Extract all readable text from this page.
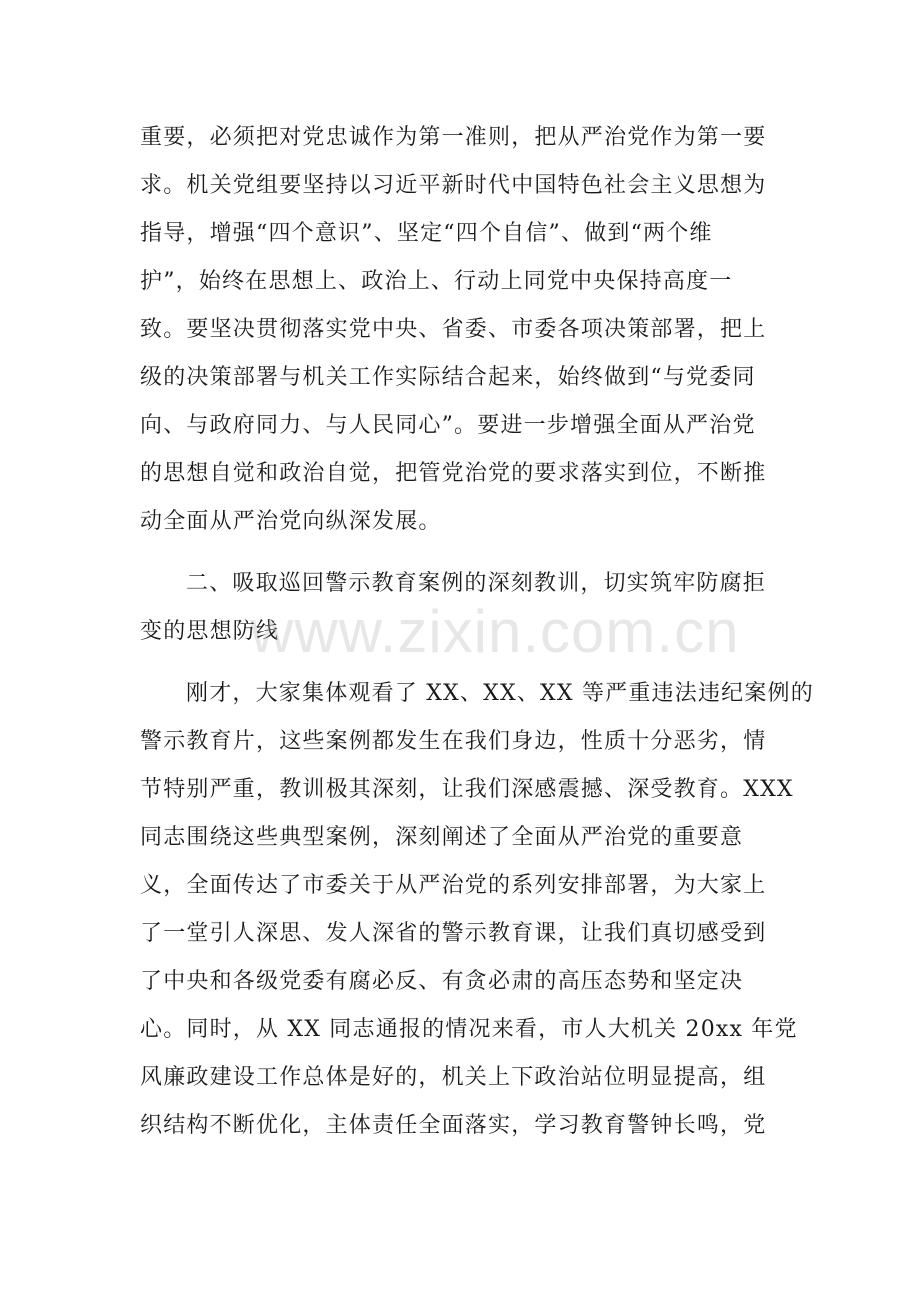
重要，必须把对党忠诚作为第一准则，把从严治党作为第一要
求。机关党组要坚持以习近平新时代中国特色社会主义思想为
指导，增强“四个意识”、坚定“四个自信”、做到“两个维
护”，始终在思想上、政治上、行动上同党中央保持高度一
致。要坚决贯彻落实党中央、省委、市委各项决策部署，把上
级的决策部署与机关工作实际结合起来，始终做到“与党委同
向、与政府同力、与人民同心”。要进一步增强全面从严治党
的思想自觉和政治自觉，把管党治党的要求落实到位，不断推
动全面从严治党向纵深发展。
二、吸取巡回警示教育案例的深刻教训，切实筑牢防腐拒
变的思想防线
刚才，大家集体观看了 XX、XX、XX 等严重违法违纪案例的
警示教育片，这些案例都发生在我们身边，性质十分恶劣，情
节特别严重，教训极其深刻，让我们深感震撼、深受教育。XXX
同志围绕这些典型案例，深刻阐述了全面从严治党的重要意
义，全面传达了市委关于从严治党的系列安排部署，为大家上
了一堂引人深思、发人深省的警示教育课，让我们真切感受到
了中央和各级党委有腐必反、有贪必肃的高压态势和坚定决
心。同时，从 XX 同志通报的情况来看，市人大机关 20xx 年党
风廉政建设工作总体是好的，机关上下政治站位明显提高，组
织结构不断优化，主体责任全面落实，学习教育警钟长鸣，党
www.zixin.com.cn
